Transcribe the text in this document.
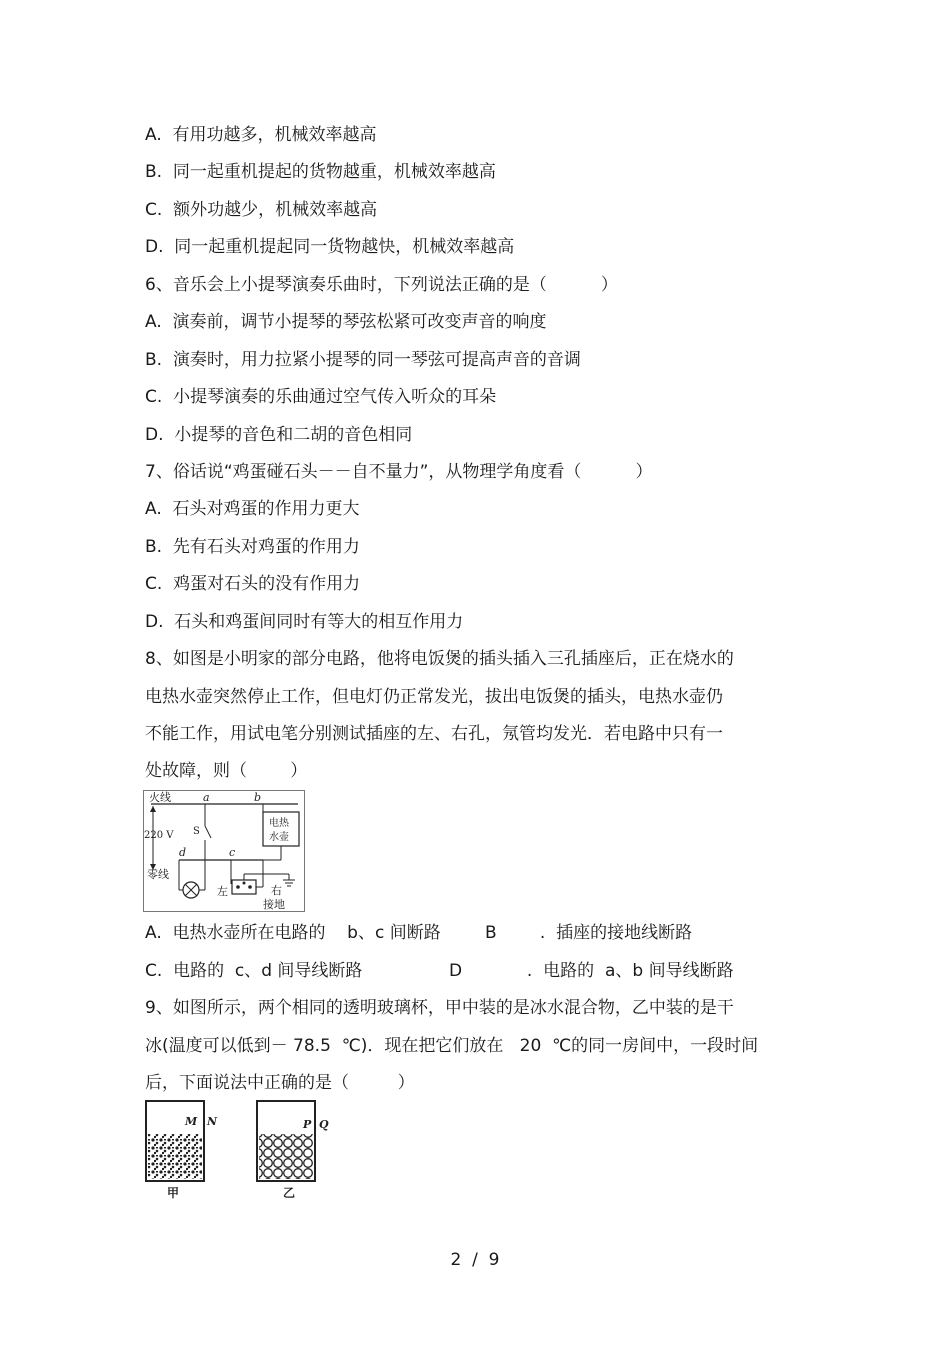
A.  有用功越多，机械效率越高
B.  同一起重机提起的货物越重，机械效率越高
C.  额外功越少，机械效率越高
D.  同一起重机提起同一货物越快，机械效率越高
6、音乐会上小提琴演奏乐曲时，下列说法正确的是（          ）
A.  演奏前，调节小提琴的琴弦松紧可改变声音的响度
B.  演奏时，用力拉紧小提琴的同一琴弦可提高声音的音调
C.  小提琴演奏的乐曲通过空气传入听众的耳朵
D.  小提琴的音色和二胡的音色相同
7、俗话说“鸡蛋碰石头－－自不量力”，从物理学角度看（          ）
A.  石头对鸡蛋的作用力更大
B.  先有石头对鸡蛋的作用力
C.  鸡蛋对石头的没有作用力
D.  石头和鸡蛋间同时有等大的相互作用力
8、如图是小明家的部分电路，他将电饭煲的插头插入三孔插座后，正在烧水的
电热水壶突然停止工作，但电灯仍正常发光，拔出电饭煲的插头，电热水壶仍
不能工作，用试电笔分别测试插座的左、右孔，氖管均发光．若电路中只有一
处故障，则（        ）
火线	a	b
220 V
零线
d	c
S
左	右
电热
水壶
接地
A.  电热水壶所在电路的    b、c 间断路	B        .  插座的接地线断路
C.  电路的  c、d 间导线断路	D            .  电路的  a、b 间导线断路
9、如图所示，两个相同的透明玻璃杯，甲中装的是冰水混合物，乙中装的是干
冰(温度可以低到－ 78.5  ℃)．现在把它们放在   20  ℃的同一房间中，一段时间
后，下面说法中正确的是（         ）
M N
甲
P Q
乙
2  /  9
